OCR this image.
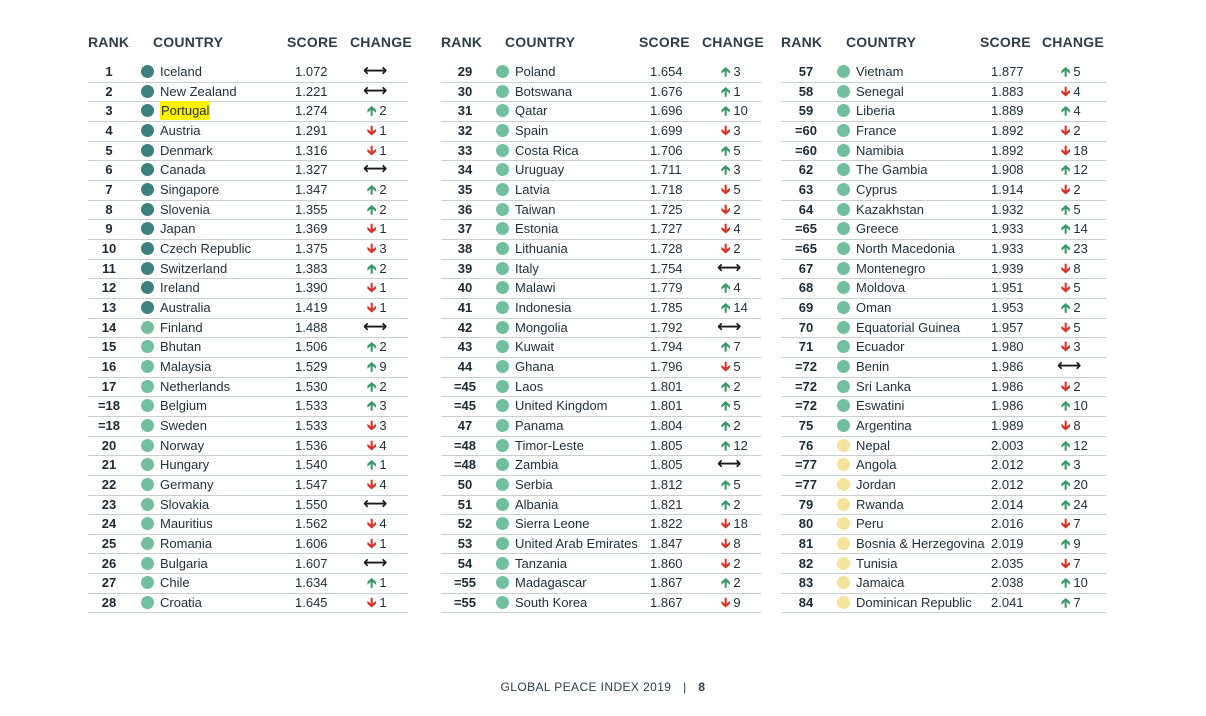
RANK COUNTRY	SCORE CHANGE
1	Iceland	1.072 ⟷
2	New Zealand	1.221 ⟷
3	Portugal	1.274	🡱 2
4	Austria	1.291	🡳 1
5	Denmark	1.316	🡳 1
6	Canada	1.327 ⟷
7	Singapore	1.347	🡱 2
8	Slovenia	1.355	🡱 2
9	Japan	1.369	🡳 1
10	Czech Republic	1.375	🡳 3
11	Switzerland	1.383	🡱 2
12	Ireland	1.390	🡳 1
13	Australia	1.419	🡳 1
14	Finland	1.488 ⟷
15	Bhutan	1.506	🡱 2
16	Malaysia	1.529	🡱 9
17	Netherlands	1.530	🡱 2
=18	Belgium	1.533	🡱 3
=18	Sweden	1.533	🡳 3
20	Norway	1.536	🡳 4
21	Hungary	1.540	🡱 1
22	Germany	1.547	🡳 4
23	Slovakia	1.550 ⟷
24	Mauritius	1.562	🡳 4
25	Romania	1.606	🡳 1
26	Bulgaria	1.607 ⟷
27	Chile	1.634	🡱 1
28	Croatia	1.645	🡳 1
RANK COUNTRY	SCORE CHANGE
29	Poland	1.654	🡱 3
30	Botswana	1.676	🡱 1
31	Qatar	1.696	🡱 10
32	Spain	1.699	🡳 3
33	Costa Rica	1.706	🡱 5
34	Uruguay	1.711	🡱 3
35	Latvia	1.718	🡳 5
36	Taiwan	1.725	🡳 2
37	Estonia	1.727	🡳 4
38	Lithuania	1.728	🡳 2
39	Italy	1.754 ⟷
40	Malawi	1.779	🡱 4
41	Indonesia	1.785	🡱 14
42	Mongolia	1.792 ⟷
43	Kuwait	1.794	🡱 7
44	Ghana	1.796	🡳 5
=45	Laos	1.801	🡱 2
=45	United Kingdom	1.801	🡱 5
47	Panama	1.804	🡱 2
=48	Timor-Leste	1.805	🡱 12
=48	Zambia	1.805 ⟷
50	Serbia	1.812	🡱 5
51	Albania	1.821	🡱 2
52	Sierra Leone	1.822	🡳 18
53	United Arab Emirates 1.847	🡳 8
54	Tanzania	1.860	🡳 2
=55	Madagascar	1.867	🡱 2
=55	South Korea	1.867	🡳 9
RANK COUNTRY	SCORE CHANGE
57	Vietnam	1.877	🡱 5
58	Senegal	1.883	🡳 4
59	Liberia	1.889	🡱 4
=60	France	1.892	🡳 2
=60	Namibia	1.892	🡳 18
62	The Gambia	1.908	🡱 12
63	Cyprus	1.914	🡳 2
64	Kazakhstan	1.932	🡱 5
=65	Greece	1.933	🡱 14
=65	North Macedonia	1.933	🡱 23
67	Montenegro	1.939	🡳 8
68	Moldova	1.951	🡳 5
69	Oman	1.953	🡱 2
70	Equatorial Guinea 1.957	🡳 5
71	Ecuador	1.980	🡳 3
=72	Benin	1.986 ⟷
=72	Sri Lanka	1.986	🡳 2
=72	Eswatini	1.986	🡱 10
75	Argentina	1.989	🡳 8
76	Nepal	2.003	🡱 12
=77	Angola	2.012	🡱 3
=77	Jordan	2.012	🡱 20
79	Rwanda	2.014	🡱 24
80	Peru	2.016	🡳 7
81	Bosnia & Herzegovina 2.019	🡱 9
82	Tunisia	2.035	🡳 7
83	Jamaica	2.038	🡱 10
84	Dominican Republic 2.041	🡱 7
GLOBAL PEACE INDEX 2019 | 8
